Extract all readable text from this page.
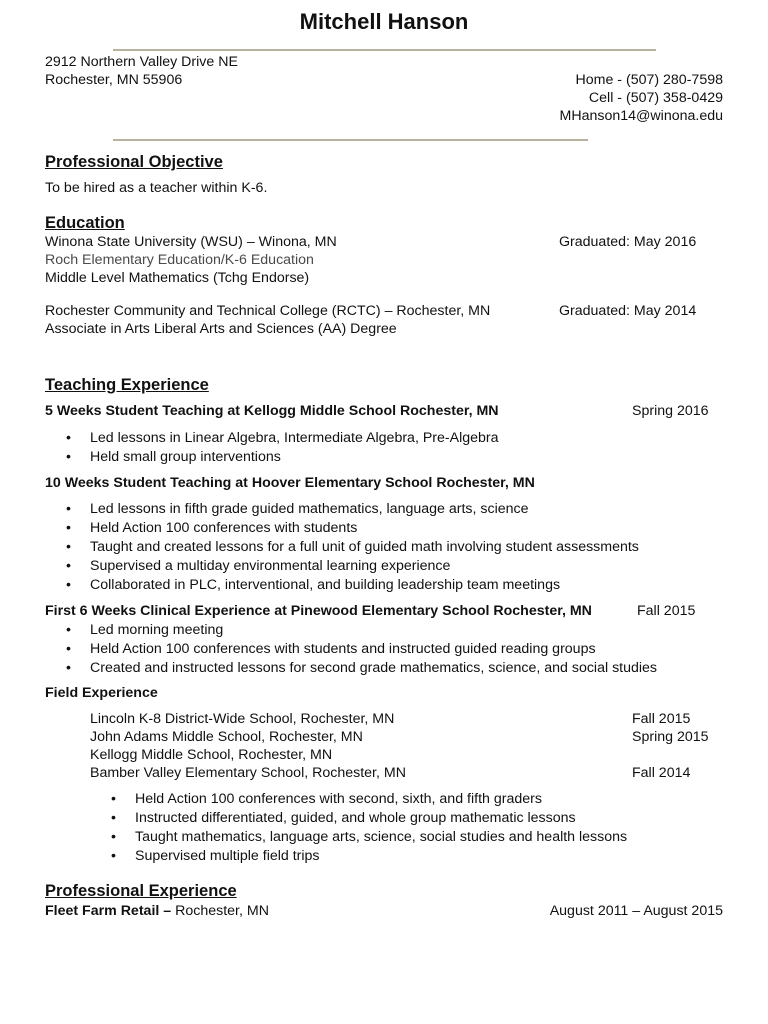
Mitchell Hanson
2912 Northern Valley Drive NE
Rochester, MN 55906	Home - (507) 280-7598
Cell - (507) 358-0429
MHanson14@winona.edu
Professional Objective
To be hired as a teacher within K-6.
Education
Winona State University (WSU) – Winona, MN	Graduated: May 2016
Roch Elementary Education/K-6 Education
Middle Level Mathematics (Tchg Endorse)
Rochester Community and Technical College (RCTC) – Rochester, MN	Graduated: May 2014
Associate in Arts Liberal Arts and Sciences (AA) Degree
Teaching Experience
5 Weeks Student Teaching at Kellogg Middle School Rochester, MN	Spring 2016
• Led lessons in Linear Algebra, Intermediate Algebra, Pre-Algebra
• Held small group interventions
10 Weeks Student Teaching at Hoover Elementary School Rochester, MN
• Led lessons in fifth grade guided mathematics, language arts, science
• Held Action 100 conferences with students
• Taught and created lessons for a full unit of guided math involving student assessments
• Supervised a multiday environmental learning experience
• Collaborated in PLC, interventional, and building leadership team meetings
First 6 Weeks Clinical Experience at Pinewood Elementary School Rochester, MN	Fall 2015
• Led morning meeting
• Held Action 100 conferences with students and instructed guided reading groups
• Created and instructed lessons for second grade mathematics, science, and social studies
Field Experience
Lincoln K-8 District-Wide School, Rochester, MN	Fall 2015
John Adams Middle School, Rochester, MN	Spring 2015
Kellogg Middle School, Rochester, MN
Bamber Valley Elementary School, Rochester, MN	Fall 2014
• Held Action 100 conferences with second, sixth, and fifth graders
• Instructed differentiated, guided, and whole group mathematic lessons
• Taught mathematics, language arts, science, social studies and health lessons
• Supervised multiple field trips
Professional Experience
Fleet Farm Retail – Rochester, MN	August 2011 – August 2015
